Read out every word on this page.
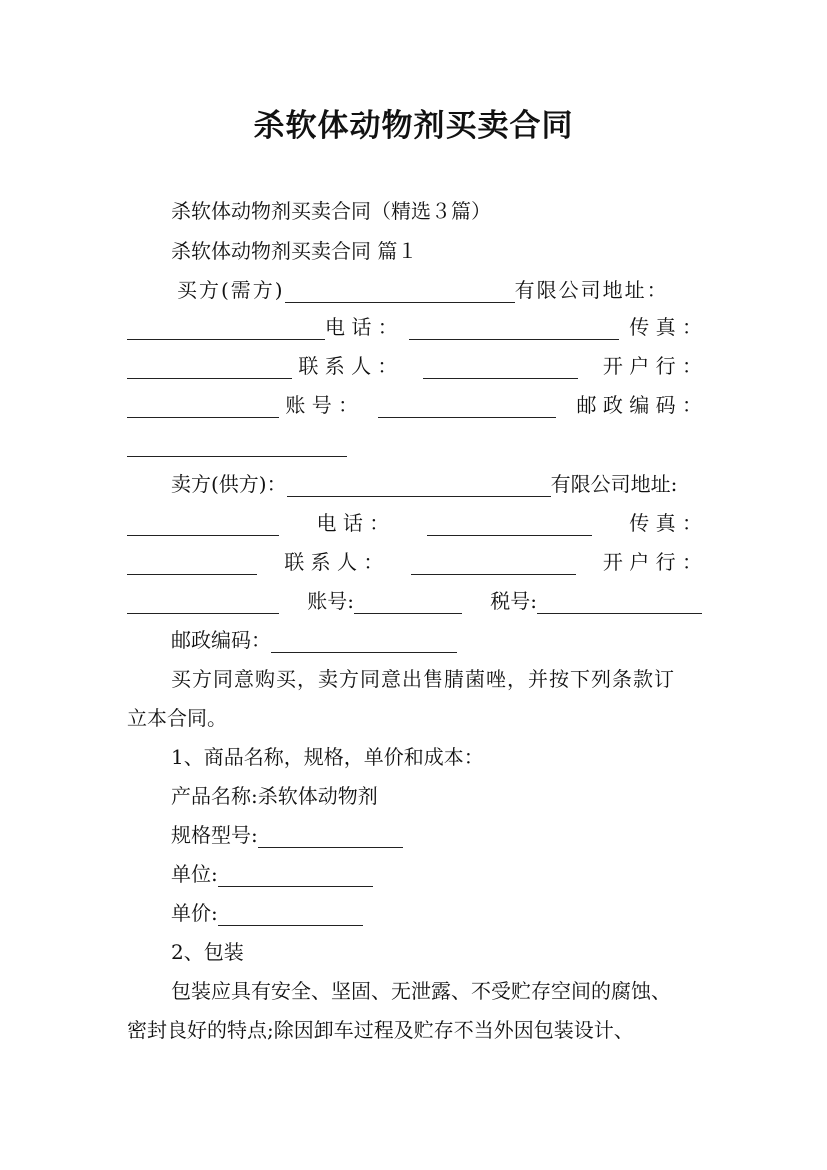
杀软体动物剂买卖合同
杀软体动物剂买卖合同（精选３篇）
杀软体动物剂买卖合同 篇１
买方(需方)	有限公司地址：
电 话 ：	传 真 ：
联 系 人 ：	开 户 行 ：
账 号 ：	邮 政 编 码 ：
卖方(供方)：	有限公司地址:
电 话 ：	传 真 ：
联 系 人 ：	开 户 行 ：
账号:	税号:
邮政编码：
买方同意购买，卖方同意出售腈菌唑，并按下列条款订
立本合同。
1、商品名称，规格，单价和成本：
产品名称:杀软体动物剂
规格型号:
单位:
单价:
2、包装
包装应具有安全、坚固、无泄露、不受贮存空间的腐蚀、
密封良好的特点;除因卸车过程及贮存不当外因包装设计、
